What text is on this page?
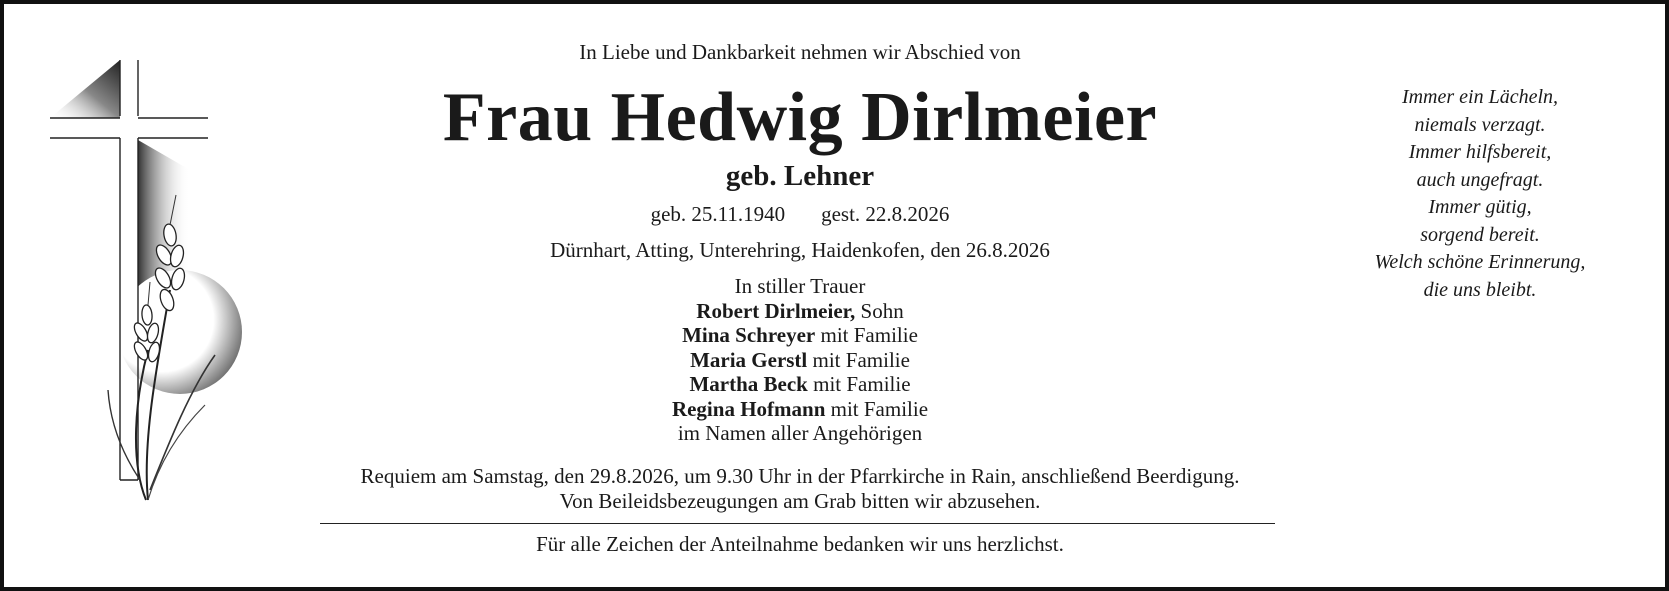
In Liebe und Dankbarkeit nehmen wir Abschied von
Frau Hedwig Dirlmeier
geb. Lehner
geb. 25.11.1940 gest. 22.8.2026
Dürnhart, Atting, Unterehring, Haidenkofen, den 26.8.2026
In stiller Trauer
Robert Dirlmeier, Sohn
Mina Schreyer mit Familie
Maria Gerstl mit Familie
Martha Beck mit Familie
Regina Hofmann mit Familie
im Namen aller Angehörigen
Requiem am Samstag, den 29.8.2026, um 9.30 Uhr in der Pfarrkirche in Rain, anschließend Beerdigung.
Von Beileidsbezeugungen am Grab bitten wir abzusehen.
Für alle Zeichen der Anteilnahme bedanken wir uns herzlichst.
Immer ein Lächeln,
niemals verzagt.
Immer hilfsbereit,
auch ungefragt.
Immer gütig,
sorgend bereit.
Welch schöne Erinnerung,
die uns bleibt.
